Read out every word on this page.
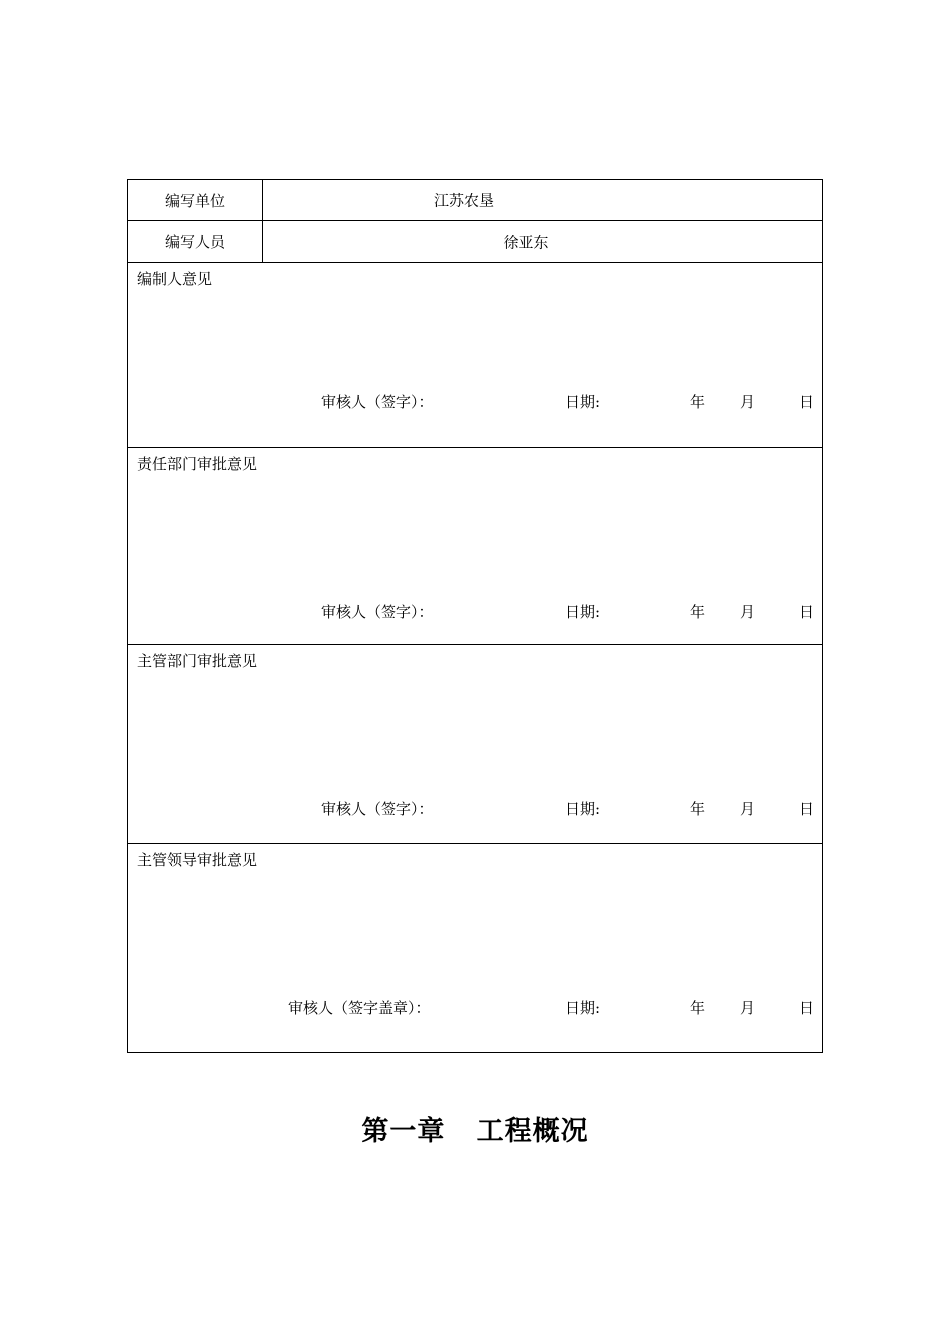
编写单位	江苏农垦
编写人员	徐亚东
编制人意见
审核人（签字）：	日期:	年 月	日
责任部门审批意见
审核人（签字）：	日期:	年 月	日
主管部门审批意见
审核人（签字）：	日期:	年 月	日
主管领导审批意见
审核人（签字盖章）：	日期:	年 月	日
第一章   工程概况
